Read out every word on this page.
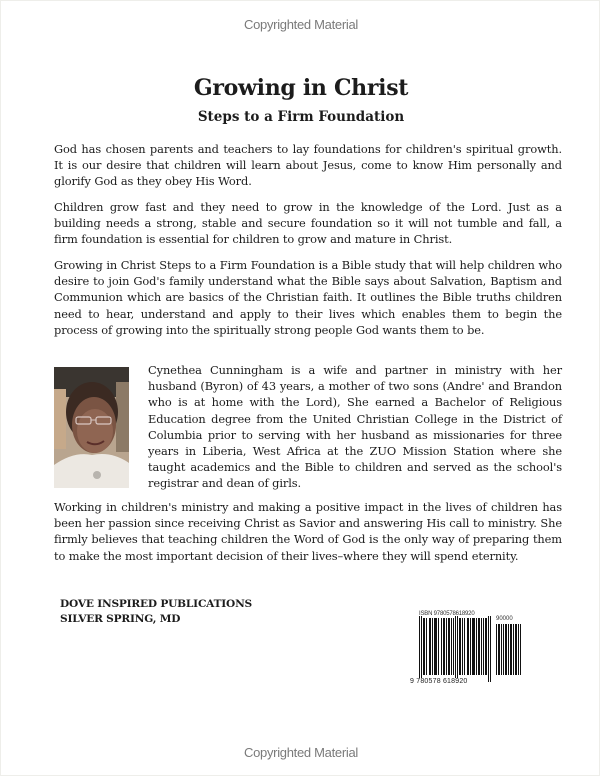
Copyrighted Material
Growing in Christ
Steps to a Firm Foundation

God has chosen parents and teachers to lay foundations for children's spiritual growth. It is our desire that children will learn about Jesus, come to know Him personally and glorify God as they obey His Word.

Children grow fast and they need to grow in the knowledge of the Lord. Just as a building needs a strong, stable and secure foundation so it will not tumble and fall, a firm foundation is essential for children to grow and mature in Christ.

Growing in Christ Steps to a Firm Foundation is a Bible study that will help children who desire to join God's family understand what the Bible says about Salvation, Baptism and Communion which are basics of the Christian faith. It outlines the Bible truths children need to hear, understand and apply to their lives which enables them to begin the process of growing into the spiritually strong people God wants them to be.

Cynethea Cunningham is a wife and partner in ministry with her husband (Byron) of 43 years, a mother of two sons (Andre' and Brandon who is at home with the Lord), She earned a Bachelor of Religious Education degree from the United Christian College in the District of Columbia prior to serving with her husband as missionaries for three years in Liberia, West Africa at the ZUO Mission Station where she taught academics and the Bible to children and served as the school's registrar and dean of girls.

Working in children's ministry and making a positive impact in the lives of children has been her passion since receiving Christ as Savior and answering His call to ministry. She firmly believes that teaching children the Word of God is the only way of preparing them to make the most important decision of their lives–where they will spend eternity.

DOVE INSPIRED PUBLICATIONS
SILVER SPRING, MD	ISBN 9780578618920
90000
9 780578 618920
Copyrighted Material
